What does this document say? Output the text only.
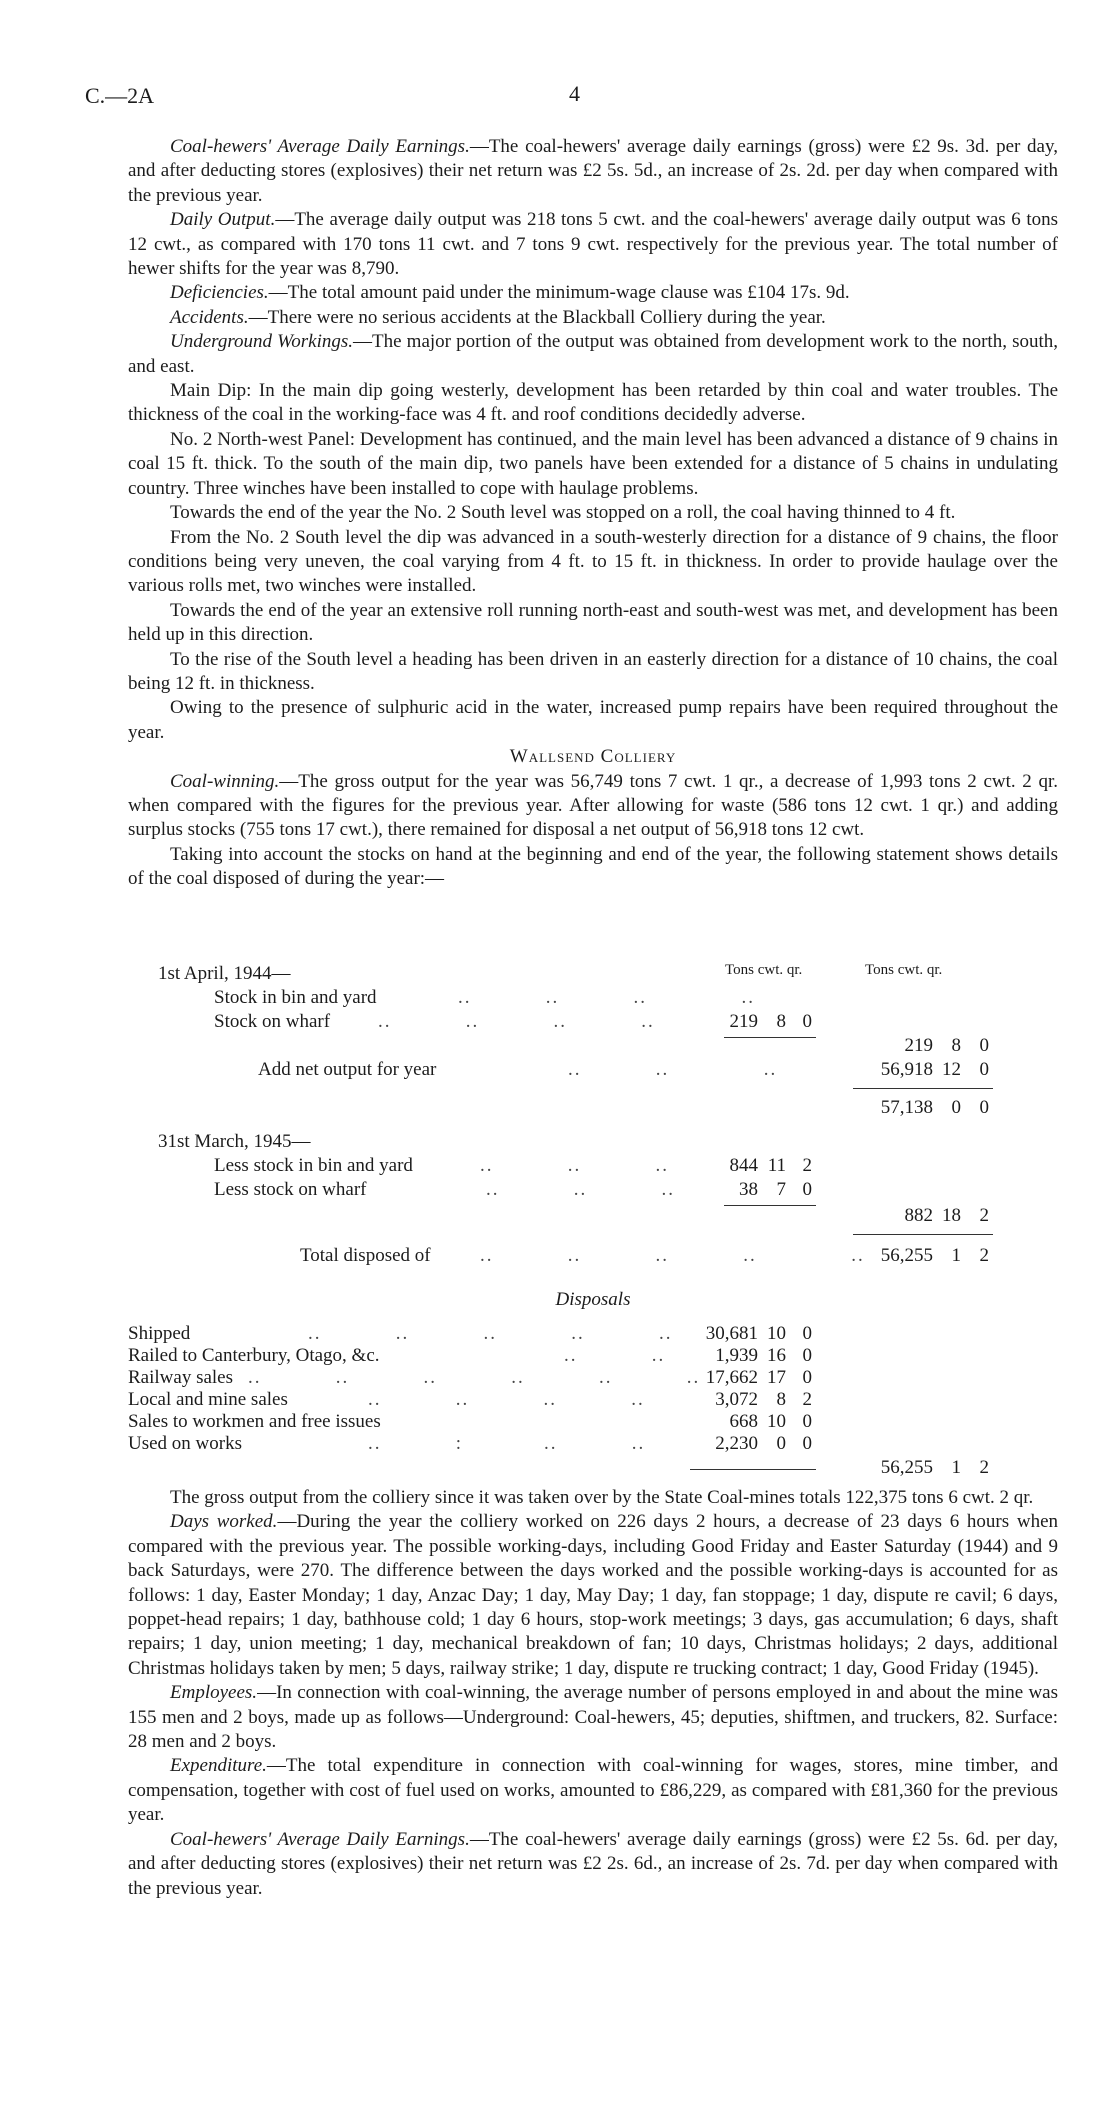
C.—2A	4

Coal-hewers' Average Daily Earnings.—The coal-hewers' average daily earnings (gross) were £2 9s. 3d. per day, and after deducting stores (explosives) their net return was £2 5s. 5d., an increase of 2s. 2d. per day when compared with the previous year.

Daily Output.—The average daily output was 218 tons 5 cwt. and the coal-hewers' average daily output was 6 tons 12 cwt., as compared with 170 tons 11 cwt. and 7 tons 9 cwt. respectively for the previous year. The total number of hewer shifts for the year was 8,790.

Deficiencies.—The total amount paid under the minimum-wage clause was £104 17s. 9d.

Accidents.—There were no serious accidents at the Blackball Colliery during the year.

Underground Workings.—The major portion of the output was obtained from development work to the north, south, and east.

Main Dip: In the main dip going westerly, development has been retarded by thin coal and water troubles. The thickness of the coal in the working-face was 4 ft. and roof conditions decidedly adverse.

No. 2 North-west Panel: Development has continued, and the main level has been advanced a distance of 9 chains in coal 15 ft. thick. To the south of the main dip, two panels have been extended for a distance of 5 chains in undulating country. Three winches have been installed to cope with haulage problems.

Towards the end of the year the No. 2 South level was stopped on a roll, the coal having thinned to 4 ft.

From the No. 2 South level the dip was advanced in a south-westerly direction for a distance of 9 chains, the floor conditions being very uneven, the coal varying from 4 ft. to 15 ft. in thickness. In order to provide haulage over the various rolls met, two winches were installed.

Towards the end of the year an extensive roll running north-east and south-west was met, and development has been held up in this direction.

To the rise of the South level a heading has been driven in an easterly direction for a distance of 10 chains, the coal being 12 ft. in thickness.

Owing to the presence of sulphuric acid in the water, increased pump repairs have been required throughout the year.

Wallsend Colliery

Coal-winning.—The gross output for the year was 56,749 tons 7 cwt. 1 qr., a decrease of 1,993 tons 2 cwt. 2 qr. when compared with the figures for the previous year. After allowing for waste (586 tons 12 cwt. 1 qr.) and adding surplus stocks (755 tons 17 cwt.), there remained for disposal a net output of 56,918 tons 12 cwt.

Taking into account the stocks on hand at the beginning and end of the year, the following statement shows details of the coal disposed of during the year:—

Tons cwt. qr.	Tons cwt. qr.
1st April, 1944—
Stock in bin and yard	..           ..           ..              ..
Stock on wharf	..           ..           ..           ..	219 8 0
219 8 0
Add net output for year	..           ..              ..	56,918 12 0
57,138 0 0
31st March, 1945—
Less stock in bin and yard	..           ..           ..	844 11 2
Less stock on wharf	..           ..           ..	38 7 0
882 18 2
Total disposed of	..           ..           ..           ..              .. 56,255 1 2
Disposals
Shipped	..           ..           ..           ..           ..	30,681 10 0
Railed to Canterbury, Otago, &c.	..           ..	1,939 16 0
Railway sales ..           ..           ..           ..           ..           .. 17,662 17 0
Local and mine sales	..           ..           ..           ..	3,072 8 2
Sales to workmen and free issues	668 10 0
Used on works	..           :            ..           ..	2,230 0 0
56,255 1 2

The gross output from the colliery since it was taken over by the State Coal-mines totals 122,375 tons 6 cwt. 2 qr.

Days worked.—During the year the colliery worked on 226 days 2 hours, a decrease of 23 days 6 hours when compared with the previous year. The possible working-days, including Good Friday and Easter Saturday (1944) and 9 back Saturdays, were 270. The difference between the days worked and the possible working-days is accounted for as follows: 1 day, Easter Monday; 1 day, Anzac Day; 1 day, May Day; 1 day, fan stoppage; 1 day, dispute re cavil; 6 days, poppet-head repairs; 1 day, bathhouse cold; 1 day 6 hours, stop-work meetings; 3 days, gas accumulation; 6 days, shaft repairs; 1 day, union meeting; 1 day, mechanical breakdown of fan; 10 days, Christmas holidays; 2 days, additional Christmas holidays taken by men; 5 days, railway strike; 1 day, dispute re trucking contract; 1 day, Good Friday (1945).

Employees.—In connection with coal-winning, the average number of persons employed in and about the mine was 155 men and 2 boys, made up as follows—Underground: Coal-hewers, 45; deputies, shiftmen, and truckers, 82. Surface: 28 men and 2 boys.

Expenditure.—The total expenditure in connection with coal-winning for wages, stores, mine timber, and compensation, together with cost of fuel used on works, amounted to £86,229, as compared with £81,360 for the previous year.

Coal-hewers' Average Daily Earnings.—The coal-hewers' average daily earnings (gross) were £2 5s. 6d. per day, and after deducting stores (explosives) their net return was £2 2s. 6d., an increase of 2s. 7d. per day when compared with the previous year.
